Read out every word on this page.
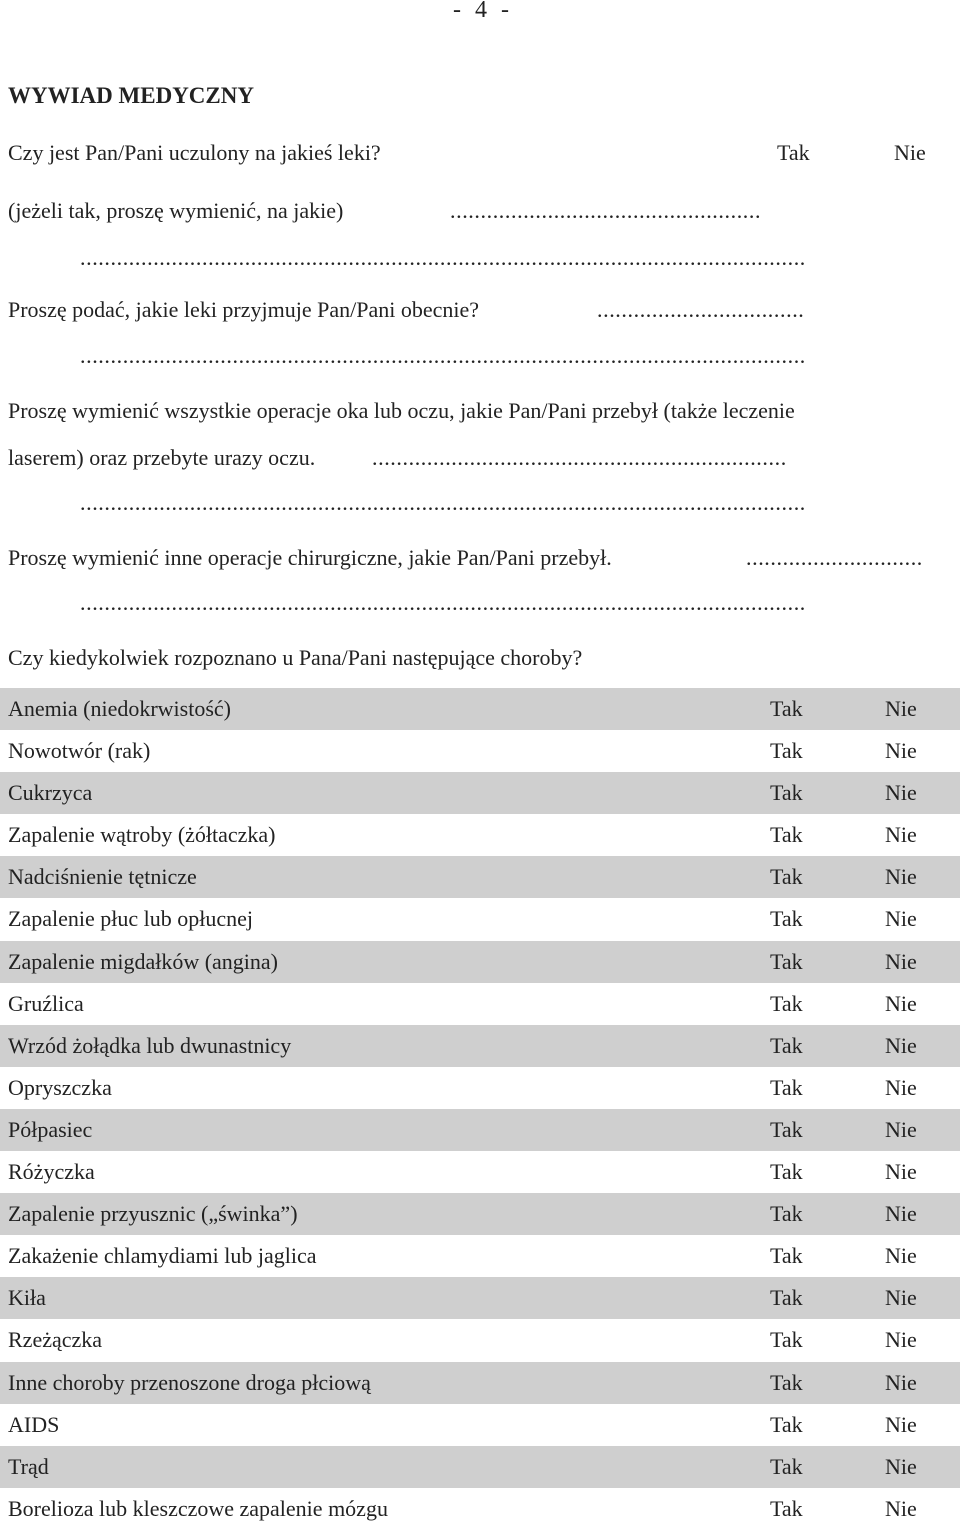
- 4 -
WYWIAD MEDYCZNY
Czy jest Pan/Pani uczulony na jakieś leki?	Tak	Nie
(jeżeli tak, proszę wymienić, na jakie)	...................................................
.......................................................................................................................
Proszę podać, jakie leki przyjmuje Pan/Pani obecnie?	..................................
.......................................................................................................................
Proszę wymienić wszystkie operacje oka lub oczu, jakie Pan/Pani przebył (także leczenie
laserem) oraz przebyte urazy oczu.	....................................................................
.......................................................................................................................
Proszę wymienić inne operacje chirurgiczne, jakie Pan/Pani przebył.	.............................
.......................................................................................................................
Czy kiedykolwiek rozpoznano u Pana/Pani następujące choroby?
Anemia (niedokrwistość)	Tak	Nie
Nowotwór (rak)	Tak	Nie
Cukrzyca	Tak	Nie
Zapalenie wątroby (żółtaczka)	Tak	Nie
Nadciśnienie tętnicze	Tak	Nie
Zapalenie płuc lub opłucnej	Tak	Nie
Zapalenie migdałków (angina)	Tak	Nie
Gruźlica	Tak	Nie
Wrzód żołądka lub dwunastnicy	Tak	Nie
Opryszczka	Tak	Nie
Półpasiec	Tak	Nie
Różyczka	Tak	Nie
Zapalenie przyusznic („świnka”)	Tak	Nie
Zakażenie chlamydiami lub jaglica	Tak	Nie
Kiła	Tak	Nie
Rzeżączka	Tak	Nie
Inne choroby przenoszone droga płciową	Tak	Nie
AIDS	Tak	Nie
Trąd	Tak	Nie
Borelioza lub kleszczowe zapalenie mózgu	Tak	Nie
